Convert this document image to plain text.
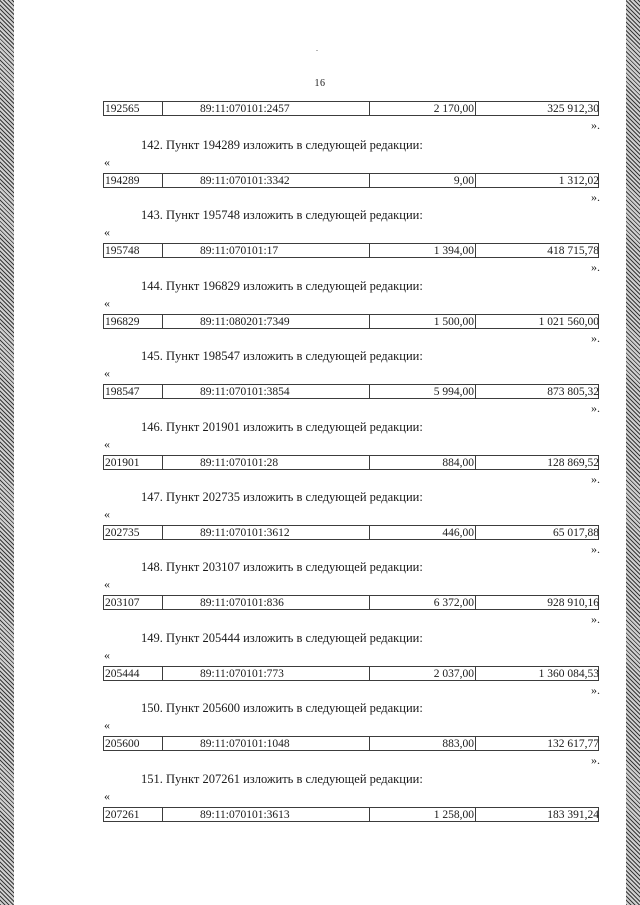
16
192565	89:11:070101:2457	2 170,00	325 912,30
».
142. Пункт 194289 изложить в следующей редакции:
«
194289	89:11:070101:3342	9,00	1 312,02
».
143. Пункт 195748 изложить в следующей редакции:
«
195748	89:11:070101:17	1 394,00	418 715,78
».
144. Пункт 196829 изложить в следующей редакции:
«
196829	89:11:080201:7349	1 500,00	1 021 560,00
».
145. Пункт 198547 изложить в следующей редакции:
«
198547	89:11:070101:3854	5 994,00	873 805,32
».
146. Пункт 201901 изложить в следующей редакции:
«
201901	89:11:070101:28	884,00	128 869,52
».
147. Пункт 202735 изложить в следующей редакции:
«
202735	89:11:070101:3612	446,00	65 017,88
».
148. Пункт 203107 изложить в следующей редакции:
«
203107	89:11:070101:836	6 372,00	928 910,16
».
149. Пункт 205444 изложить в следующей редакции:
«
205444	89:11:070101:773	2 037,00	1 360 084,53
».
150. Пункт 205600 изложить в следующей редакции:
«
205600	89:11:070101:1048	883,00	132 617,77
».
151. Пункт 207261 изложить в следующей редакции:
«
207261	89:11:070101:3613	1 258,00	183 391,24
